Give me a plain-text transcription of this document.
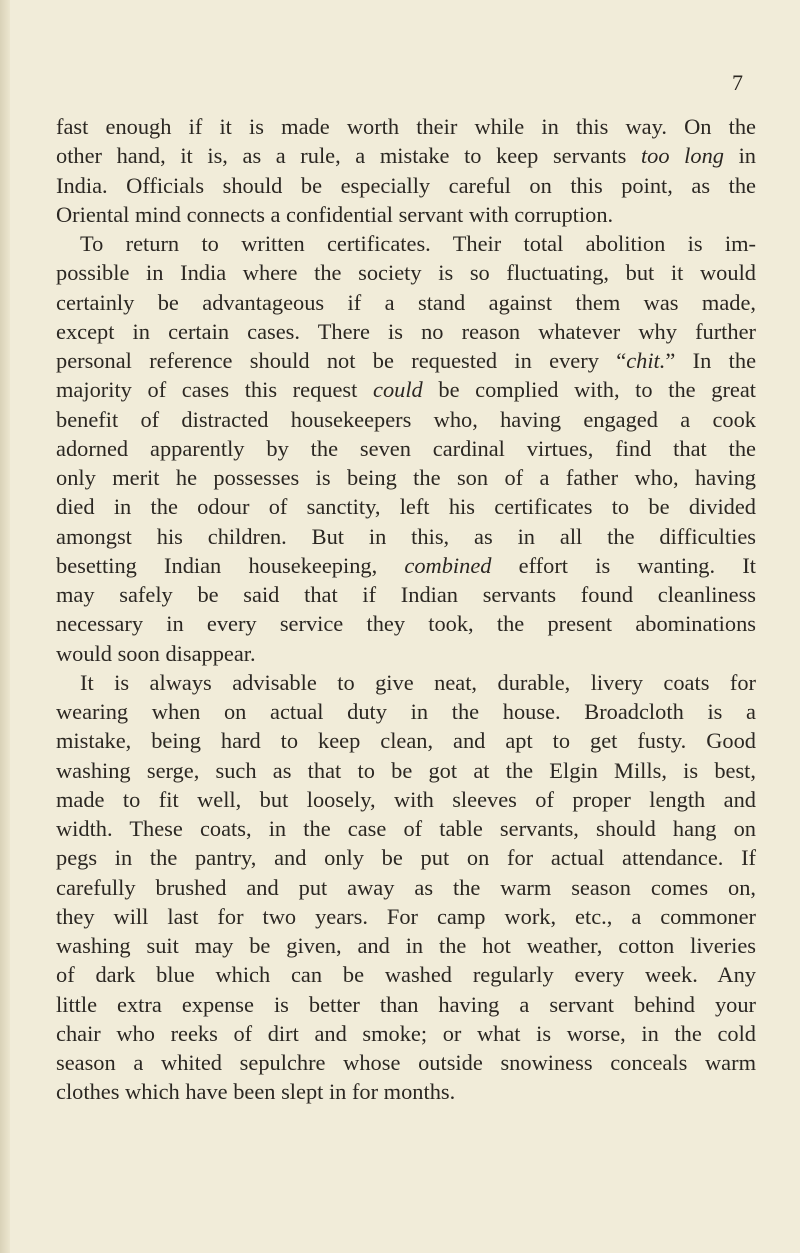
7
fast enough if it is made worth their while in this way. On the
other hand, it is, as a rule, a mistake to keep servants too long in
India. Officials should be especially careful on this point, as the
Oriental mind connects a confidential servant with corruption.
To return to written certificates. Their total abolition is im-
possible in India where the society is so fluctuating, but it would
certainly be advantageous if a stand against them was made,
except in certain cases. There is no reason whatever why further
personal reference should not be requested in every “chit.” In the
majority of cases this request could be complied with, to the great
benefit of distracted housekeepers who, having engaged a cook
adorned apparently by the seven cardinal virtues, find that the
only merit he possesses is being the son of a father who, having
died in the odour of sanctity, left his certificates to be divided
amongst his children. But in this, as in all the difficulties
besetting Indian housekeeping, combined effort is wanting. It
may safely be said that if Indian servants found cleanliness
necessary in every service they took, the present abominations
would soon disappear.
It is always advisable to give neat, durable, livery coats for
wearing when on actual duty in the house. Broadcloth is a
mistake, being hard to keep clean, and apt to get fusty. Good
washing serge, such as that to be got at the Elgin Mills, is best,
made to fit well, but loosely, with sleeves of proper length and
width. These coats, in the case of table servants, should hang on
pegs in the pantry, and only be put on for actual attendance. If
carefully brushed and put away as the warm season comes on,
they will last for two years. For camp work, etc., a commoner
washing suit may be given, and in the hot weather, cotton liveries
of dark blue which can be washed regularly every week. Any
little extra expense is better than having a servant behind your
chair who reeks of dirt and smoke; or what is worse, in the cold
season a whited sepulchre whose outside snowiness conceals warm
clothes which have been slept in for months.
